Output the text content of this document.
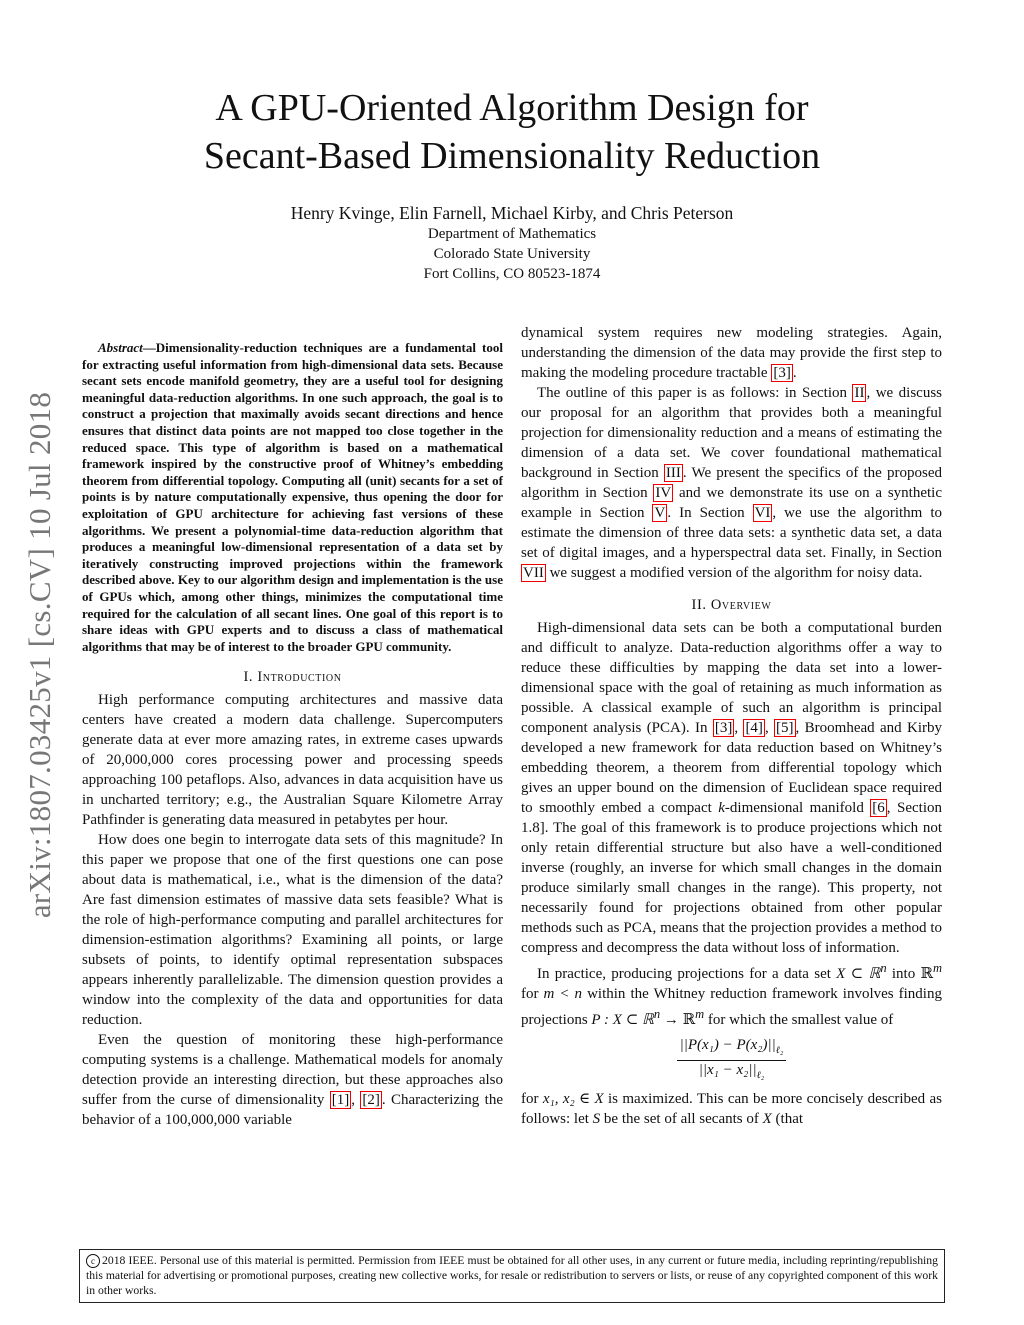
arXiv:1807.03425v1 [cs.CV] 10 Jul 2018
A GPU-Oriented Algorithm Design for
Secant-Based Dimensionality Reduction
Henry Kvinge, Elin Farnell, Michael Kirby, and Chris Peterson
Department of Mathematics
Colorado State University
Fort Collins, CO 80523-1874

Abstract—Dimensionality-reduction techniques are a fundamental tool for extracting useful information from high-dimensional data sets. Because secant sets encode manifold geometry, they are a useful tool for designing meaningful data-reduction algorithms. In one such approach, the goal is to construct a projection that maximally avoids secant directions and hence ensures that distinct data points are not mapped too close together in the reduced space. This type of algorithm is based on a mathematical framework inspired by the constructive proof of Whitney’s embedding theorem from differential topology. Computing all (unit) secants for a set of points is by nature computationally expensive, thus opening the door for exploitation of GPU architecture for achieving fast versions of these algorithms. We present a polynomial-time data-reduction algorithm that produces a meaningful low-dimensional representation of a data set by iteratively constructing improved projections within the framework described above. Key to our algorithm design and implementation is the use of GPUs which, among other things, minimizes the computational time required for the calculation of all secant lines. One goal of this report is to share ideas with GPU experts and to discuss a class of mathematical algorithms that may be of interest to the broader GPU community.

I. Introduction

High performance computing architectures and massive data centers have created a modern data challenge. Supercomputers generate data at ever more amazing rates, in extreme cases upwards of 20,000,000 cores processing power and processing speeds approaching 100 petaflops. Also, advances in data acquisition have us in uncharted territory; e.g., the Australian Square Kilometre Array Pathfinder is generating data measured in petabytes per hour.

How does one begin to interrogate data sets of this magnitude? In this paper we propose that one of the first questions one can pose about data is mathematical, i.e., what is the dimension of the data? Are fast dimension estimates of massive data sets feasible? What is the role of high-performance computing and parallel architectures for dimension-estimation algorithms? Examining all points, or large subsets of points, to identify optimal representation subspaces appears inherently parallelizable. The dimension question provides a window into the complexity of the data and opportunities for data reduction.

Even the question of monitoring these high-performance computing systems is a challenge. Mathematical models for anomaly detection provide an interesting direction, but these approaches also suffer from the curse of dimensionality [1] , [2] . Characterizing the behavior of a 100,000,000 variable

dynamical system requires new modeling strategies. Again, understanding the dimension of the data may provide the first step to making the modeling procedure tractable [3] .

The outline of this paper is as follows: in Section II , we discuss our proposal for an algorithm that provides both a meaningful projection for dimensionality reduction and a means of estimating the dimension of a data set. We cover foundational mathematical background in Section III . We present the specifics of the proposed algorithm in Section IV and we demonstrate its use on a synthetic example in Section V . In Section VI , we use the algorithm to estimate the dimension of three data sets: a synthetic data set, a data set of digital images, and a hyperspectral data set. Finally, in Section VII we suggest a modified version of the algorithm for noisy data.

II. Overview

High-dimensional data sets can be both a computational burden and difficult to analyze. Data-reduction algorithms offer a way to reduce these difficulties by mapping the data set into a lower-dimensional space with the goal of retaining as much information as possible. A classical example of such an algorithm is principal component analysis (PCA). In [3] , [4] , [5] , Broomhead and Kirby developed a new framework for data reduction based on Whitney’s embedding theorem, a theorem from differential topology which gives an upper bound on the dimension of Euclidean space required to smoothly embed a compact k-dimensional manifold [6 , Section 1.8]. The goal of this framework is to produce projections which not only retain differential structure but also have a well-conditioned inverse (roughly, an inverse for which small changes in the domain produce similarly small changes in the range). This property, not necessarily found for projections obtained from other popular methods such as PCA, means that the projection provides a method to compress and decompress the data without loss of information.

In practice, producing projections for a data set X ⊂ ℝ$^n$ into ℝ$^m$ for m < n within the Whitney reduction framework involves finding projections P : X ⊂ ℝ$^n$ → ℝ$^m$ for which the smallest value of

$\frac{||P(x_1) - P(x_2)||_{\ell_2}}{||x_1 - x_2||_{\ell_2}}$

for x₁, x₂ ∈ X is maximized. This can be more concisely described as follows: let S be the set of all secants of X (that

c 2018 IEEE. Personal use of this material is permitted. Permission from IEEE must be obtained for all other uses, in any current or future media, including reprinting/republishing this material for advertising or promotional purposes, creating new collective works, for resale or redistribution to servers or lists, or reuse of any copyrighted component of this work in other works.
